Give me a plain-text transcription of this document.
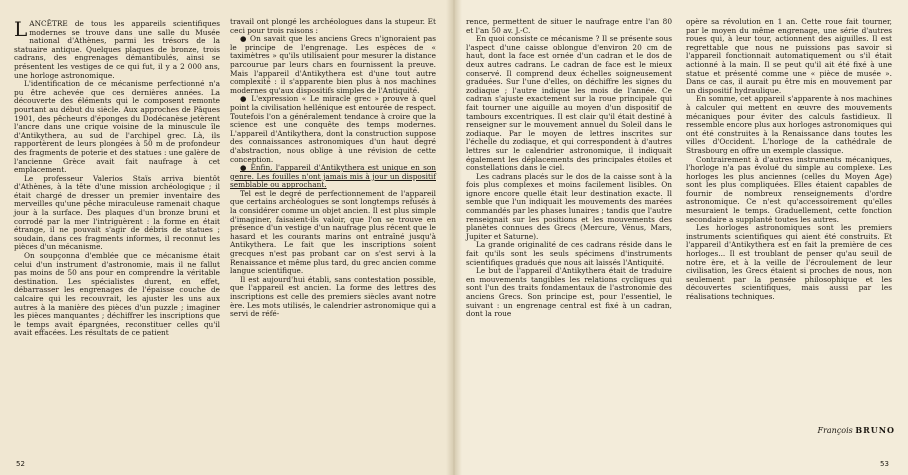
LANCÊTRE de tous les appareils scientifiques modernes se trouve dans une salle du Musée national d'Athènes, parmi les trésors de la statuaire antique. Quelques plaques de bronze, trois cadrans, des engrenages démantibulés, ainsi se présentent les vestiges de ce qui fut, il y a 2 000 ans, une horloge astronomique.

L'identification de ce mécanisme perfectionné n'a pu être achevée que ces dernières années. La découverte des éléments qui le composent remonte pourtant au début du siècle. Aux approches de Pâques 1901, des pêcheurs d'éponges du Dodécanèse jetèrent l'ancre dans une crique voisine de la minuscule île d'Antikythera, au sud de l'archipel grec. Là, ils rapportèrent de leurs plongées à 50 m de profondeur des fragments de poterie et des statues : une galère de l'ancienne Grèce avait fait naufrage à cet emplacement.

Le professeur Valerios Staïs arriva bientôt d'Athènes, à la tête d'une mission archéologique ; il était chargé de dresser un premier inventaire des merveilles qu'une pêche miraculeuse ramenait chaque jour à la surface. Des plaques d'un bronze bruni et corrodé par la mer l'intriguèrent : la forme en était étrange, il ne pouvait s'agir de débris de statues ; soudain, dans ces fragments informes, il reconnut les pièces d'un mécanisme.

On soupçonna d'emblée que ce mécanisme était celui d'un instrument d'astronomie, mais il ne fallut pas moins de 50 ans pour en comprendre la véritable destination. Les spécialistes durent, en effet, débarrasser les engrenages de l'épaisse couche de calcaire qui les recouvrait, les ajuster les uns aux autres à la manière des pièces d'un puzzle ; imaginer les pièces manquantes ; déchiffrer les inscriptions que le temps avait épargnées, reconstituer celles qu'il avait effacées. Les résultats de ce patient

travail ont plongé les archéologues dans la stupeur. Et ceci pour trois raisons :

● On savait que les anciens Grecs n'ignoraient pas le principe de l'engrenage. Les espèces de « taximètres » qu'ils utilisaient pour mesurer la distance parcourue par leurs chars en fournissent la preuve. Mais l'appareil d'Antikythera est d'une tout autre complexité : il s'apparente bien plus à nos machines modernes qu'aux dispositifs simples de l'Antiquité.

● L'expression « Le miracle grec » prouve à quel point la civilisation hellénique est entourée de respect. Toutefois l'on a généralement tendance à croire que la science est une conquête des temps modernes. L'appareil d'Antikythera, dont la construction suppose des connaissances astronomiques d'un haut degré d'abstraction, nous oblige à une révision de cette conception.

● Enfin, l'appareil d'Antikythera est unique en son genre. Les fouilles n'ont jamais mis à jour un dispositif semblable ou approchant.

Tel est le degré de perfectionnement de l'appareil que certains archéologues se sont longtemps refusés à la considérer comme un objet ancien. Il est plus simple d'imaginer, faisaient-ils valoir, que l'on se trouve en présence d'un vestige d'un naufrage plus récent que le hasard et les courants marins ont entraîné jusqu'à Antikythera. Le fait que les inscriptions soient grecques n'est pas probant car on s'est servi à la Renaissance et même plus tard, du grec ancien comme langue scientifique.

Il est aujourd'hui établi, sans contestation possible, que l'appareil est ancien. La forme des lettres des inscriptions est celle des premiers siècles avant notre ère. Les mots utilisés, le calendrier astronomique qui a servi de réfé-

52

rence, permettent de situer le naufrage entre l'an 80 et l'an 50 av. J.-C.

En quoi consiste ce mécanisme ? Il se présente sous l'aspect d'une caisse oblongue d'environ 20 cm de haut, dont la face est ornée d'un cadran et le dos de deux autres cadrans. Le cadran de face est le mieux conservé. Il comprend deux échelles soigneusement graduées. Sur l'une d'elles, on déchiffre les signes du zodiaque ; l'autre indique les mois de l'année. Ce cadran s'ajuste exactement sur la roue principale qui fait tourner une aiguille au moyen d'un dispositif de tambours excentriques. Il est clair qu'il était destiné à renseigner sur le mouvement annuel du Soleil dans le zodiaque. Par le moyen de lettres inscrites sur l'échelle du zodiaque, et qui correspondent à d'autres lettres sur le calendrier astronomique, il indiquait également les déplacements des principales étoiles et constellations dans le ciel.

Les cadrans placés sur le dos de la caisse sont à la fois plus complexes et moins facilement lisibles. On ignore encore quelle était leur destination exacte. Il semble que l'un indiquait les mouvements des marées commandés par les phases lunaires ; tandis que l'autre renseignait sur les positions et les mouvements des planètes connues des Grecs (Mercure, Vénus, Mars, Jupiter et Saturne).

La grande originalité de ces cadrans réside dans le fait qu'ils sont les seuls spécimens d'instruments scientifiques gradués que nous ait laissés l'Antiquité.

Le but de l'appareil d'Antikythera était de traduire en mouvements tangibles les relations cycliques qui sont l'un des traits fondamentaux de l'astronomie des anciens Grecs. Son principe est, pour l'essentiel, le suivant : un engrenage central est fixé à un cadran, dont la roue

opère sa révolution en 1 an. Cette roue fait tourner, par le moyen du même engrenage, une série d'autres roues qui, à leur tour, actionnent des aiguilles. Il est regrettable que nous ne puissions pas savoir si l'appareil fonctionnait automatiquement ou s'il était actionné à la main. Il se peut qu'il ait été fixé à une statue et présenté comme une « pièce de musée ». Dans ce cas, il aurait pu être mis en mouvement par un dispositif hydraulique.

En somme, cet appareil s'apparente à nos machines à calculer qui mettent en œuvre des mouvements mécaniques pour éviter des calculs fastidieux. Il ressemble encore plus aux horloges astronomiques qui ont été construites à la Renaissance dans toutes les villes d'Occident. L'horloge de la cathédrale de Strasbourg en offre un exemple classique.

Contrairement à d'autres instruments mécaniques, l'horloge n'a pas évolué du simple au complexe. Les horloges les plus anciennes (celles du Moyen Age) sont les plus compliquées. Elles étaient capables de fournir de nombreux renseignements d'ordre astronomique. Ce n'est qu'accessoirement qu'elles mesuraient le temps. Graduellement, cette fonction secondaire a supplanté toutes les autres.

Les horloges astronomiques sont les premiers instruments scientifiques qui aient été construits. Et l'appareil d'Antikythera est en fait la première de ces horloges... Il est troublant de penser qu'au seuil de notre ère, et à la veille de l'écroulement de leur civilisation, les Grecs étaient si proches de nous, non seulement par la pensée philosophique et les découvertes scientifiques, mais aussi par les réalisations techniques.

François BRUNO
53
